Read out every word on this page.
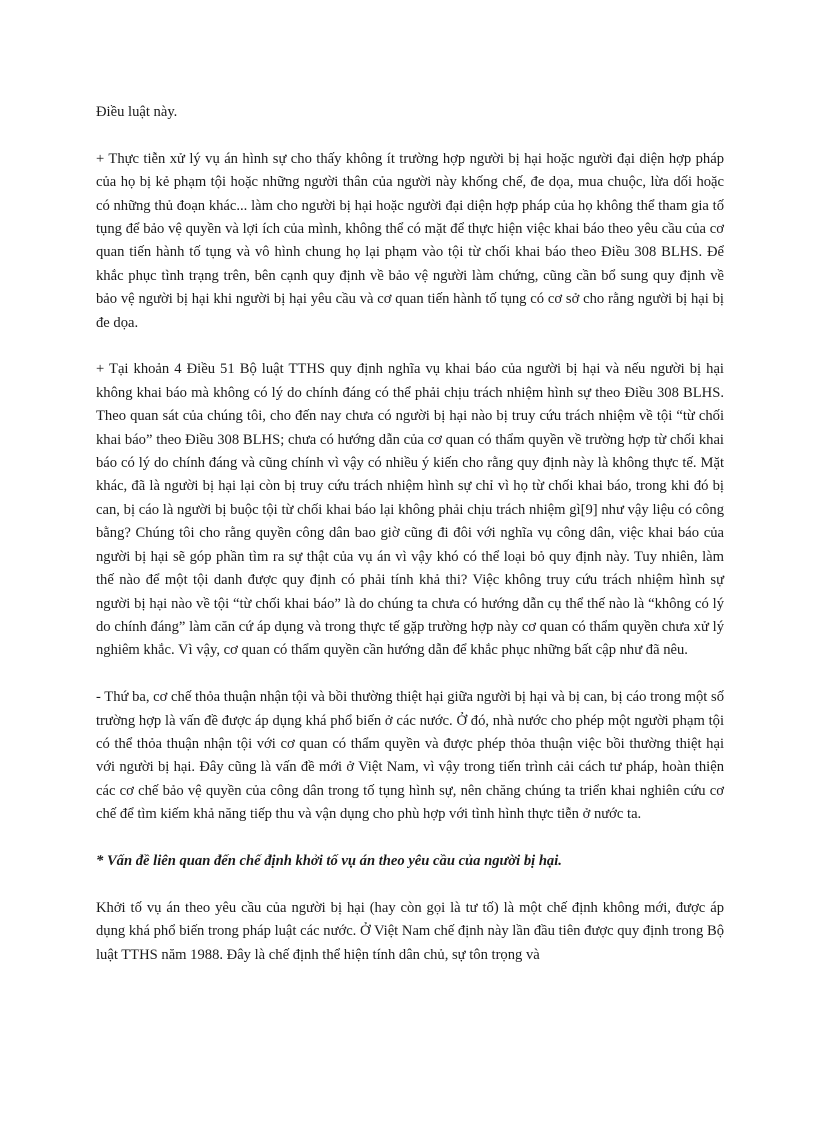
Điều luật này.

+ Thực tiễn xử lý vụ án hình sự cho thấy không ít trường hợp người bị hại hoặc người đại diện hợp pháp của họ bị kẻ phạm tội hoặc những người thân của người này khống chế, đe dọa, mua chuộc, lừa dối hoặc có những thủ đoạn khác... làm cho người bị hại hoặc người đại diện hợp pháp của họ không thể tham gia tố tụng để bảo vệ quyền và lợi ích của mình, không thể có mặt để thực hiện việc khai báo theo yêu cầu của cơ quan tiến hành tố tụng và vô hình chung họ lại phạm vào tội từ chối khai báo theo Điều 308 BLHS. Để khắc phục tình trạng trên, bên cạnh quy định về bảo vệ người làm chứng, cũng cần bổ sung quy định về bảo vệ người bị hại khi người bị hại yêu cầu và cơ quan tiến hành tố tụng có cơ sở cho rằng người bị hại bị đe dọa.

+ Tại khoản 4 Điều 51 Bộ luật TTHS quy định nghĩa vụ khai báo của người bị hại và nếu người bị hại không khai báo mà không có lý do chính đáng có thể phải chịu trách nhiệm hình sự theo Điều 308 BLHS. Theo quan sát của chúng tôi, cho đến nay chưa có người bị hại nào bị truy cứu trách nhiệm về tội “từ chối khai báo” theo Điều 308 BLHS; chưa có hướng dẫn của cơ quan có thẩm quyền về trường hợp từ chối khai báo có lý do chính đáng và cũng chính vì vậy có nhiều ý kiến cho rằng quy định này là không thực tế. Mặt khác, đã là người bị hại lại còn bị truy cứu trách nhiệm hình sự chỉ vì họ từ chối khai báo, trong khi đó bị can, bị cáo là người bị buộc tội từ chối khai báo lại không phải chịu trách nhiệm gì[9] như vậy liệu có công bằng? Chúng tôi cho rằng quyền công dân bao giờ cũng đi đôi với nghĩa vụ công dân, việc khai báo của người bị hại sẽ góp phần tìm ra sự thật của vụ án vì vậy khó có thể loại bỏ quy định này. Tuy nhiên, làm thế nào để một tội danh được quy định có phải tính khả thi? Việc không truy cứu trách nhiệm hình sự người bị hại nào về tội “từ chối khai báo” là do chúng ta chưa có hướng dẫn cụ thể thế nào là “không có lý do chính đáng” làm căn cứ áp dụng và trong thực tế gặp trường hợp này cơ quan có thẩm quyền chưa xử lý nghiêm khắc. Vì vậy, cơ quan có thẩm quyền cần hướng dẫn để khắc phục những bất cập như đã nêu.

- Thứ ba, cơ chế thỏa thuận nhận tội và bồi thường thiệt hại giữa người bị hại và bị can, bị cáo trong một số trường hợp là vấn đề được áp dụng khá phổ biến ở các nước. Ở đó, nhà nước cho phép một người phạm tội có thể thỏa thuận nhận tội với cơ quan có thẩm quyền và được phép thỏa thuận việc bồi thường thiệt hại với người bị hại. Đây cũng là vấn đề mới ở Việt Nam, vì vậy trong tiến trình cải cách tư pháp, hoàn thiện các cơ chế bảo vệ quyền của công dân trong tố tụng hình sự, nên chăng chúng ta triển khai nghiên cứu cơ chế để tìm kiếm khả năng tiếp thu và vận dụng cho phù hợp với tình hình thực tiễn ở nước ta.

* Vấn đề liên quan đến chế định khởi tố vụ án theo yêu cầu của người bị hại.

Khởi tố vụ án theo yêu cầu của người bị hại (hay còn gọi là tư tố) là một chế định không mới, được áp dụng khá phổ biến trong pháp luật các nước. Ở Việt Nam chế định này lần đầu tiên được quy định trong Bộ luật TTHS năm 1988. Đây là chế định thể hiện tính dân chủ, sự tôn trọng và
